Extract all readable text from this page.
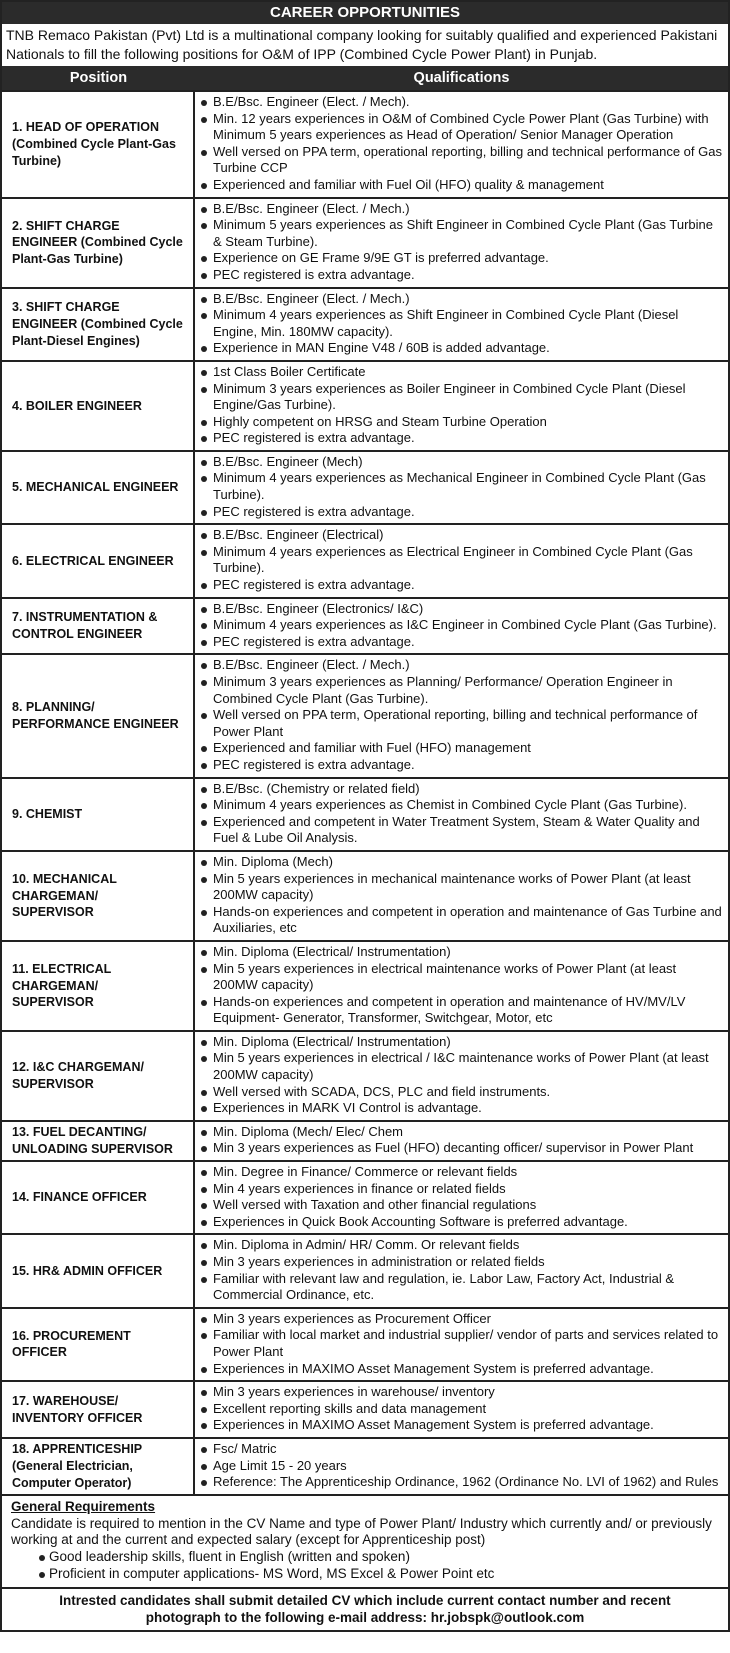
CAREER OPPORTUNITIES
TNB Remaco Pakistan (Pvt) Ltd is a multinational company looking for suitably qualified and experienced Pakistani Nationals to fill the following positions for O&M of IPP (Combined Cycle Power Plant) in Punjab.
Position	Qualifications
1. HEAD OF OPERATION (Combined Cycle Plant-Gas Turbine)
B.E/Bsc. Engineer (Elect. / Mech).
Min. 12 years experiences in O&M of Combined Cycle Power Plant (Gas Turbine) with Minimum 5 years experiences as Head of Operation/ Senior Manager Operation
Well versed on PPA term, operational reporting, billing and technical performance of Gas Turbine CCP
Experienced and familiar with Fuel Oil (HFO) quality & management
2. SHIFT CHARGE ENGINEER (Combined Cycle Plant-Gas Turbine)
B.E/Bsc. Engineer (Elect. / Mech.)
Minimum 5 years experiences as Shift Engineer in Combined Cycle Plant (Gas Turbine & Steam Turbine).
Experience on GE Frame 9/9E GT is preferred advantage.
PEC registered is extra advantage.
3. SHIFT CHARGE ENGINEER (Combined Cycle Plant-Diesel Engines)
B.E/Bsc. Engineer (Elect. / Mech.)
Minimum 4 years experiences as Shift Engineer in Combined Cycle Plant (Diesel Engine, Min. 180MW capacity).
Experience in MAN Engine V48 / 60B is added advantage.
4. BOILER ENGINEER
1st Class Boiler Certificate
Minimum 3 years experiences as Boiler Engineer in Combined Cycle Plant (Diesel Engine/Gas Turbine).
Highly competent on HRSG and Steam Turbine Operation
PEC registered is extra advantage.
5. MECHANICAL ENGINEER
B.E/Bsc. Engineer (Mech)
Minimum 4 years experiences as Mechanical Engineer in Combined Cycle Plant (Gas Turbine).
PEC registered is extra advantage.
6. ELECTRICAL ENGINEER
B.E/Bsc. Engineer (Electrical)
Minimum 4 years experiences as Electrical Engineer in Combined Cycle Plant (Gas Turbine).
PEC registered is extra advantage.
7. INSTRUMENTATION & CONTROL ENGINEER
B.E/Bsc. Engineer (Electronics/ I&C)
Minimum 4 years experiences as I&C Engineer in Combined Cycle Plant (Gas Turbine).
PEC registered is extra advantage.
8. PLANNING/ PERFORMANCE ENGINEER
B.E/Bsc. Engineer (Elect. / Mech.)
Minimum 3 years experiences as Planning/ Performance/ Operation Engineer in Combined Cycle Plant (Gas Turbine).
Well versed on PPA term, Operational reporting, billing and technical performance of Power Plant
Experienced and familiar with Fuel (HFO) management
PEC registered is extra advantage.
9. CHEMIST
B.E/Bsc. (Chemistry or related field)
Minimum 4 years experiences as Chemist in Combined Cycle Plant (Gas Turbine).
Experienced and competent in Water Treatment System, Steam & Water Quality and Fuel & Lube Oil Analysis.
10. MECHANICAL CHARGEMAN/ SUPERVISOR
Min. Diploma (Mech)
Min 5 years experiences in mechanical maintenance works of Power Plant (at least 200MW capacity)
Hands-on experiences and competent in operation and maintenance of Gas Turbine and Auxiliaries, etc
11. ELECTRICAL CHARGEMAN/ SUPERVISOR
Min. Diploma (Electrical/ Instrumentation)
Min 5 years experiences in electrical maintenance works of Power Plant (at least 200MW capacity)
Hands-on experiences and competent in operation and maintenance of HV/MV/LV Equipment- Generator, Transformer, Switchgear, Motor, etc
12. I&C CHARGEMAN/ SUPERVISOR
Min. Diploma (Electrical/ Instrumentation)
Min 5 years experiences in electrical / I&C maintenance works of Power Plant (at least 200MW capacity)
Well versed with SCADA, DCS, PLC and field instruments.
Experiences in MARK VI Control is advantage.
13. FUEL DECANTING/ UNLOADING SUPERVISOR
Min. Diploma (Mech/ Elec/ Chem
Min 3 years experiences as Fuel (HFO) decanting officer/ supervisor in Power Plant
14. FINANCE OFFICER
Min. Degree in Finance/ Commerce or relevant fields
Min 4 years experiences in finance or related fields
Well versed with Taxation and other financial regulations
Experiences in Quick Book Accounting Software is preferred advantage.
15. HR& ADMIN OFFICER
Min. Diploma in Admin/ HR/ Comm. Or relevant fields
Min 3 years experiences in administration or related fields
Familiar with relevant law and regulation, ie. Labor Law, Factory Act, Industrial & Commercial Ordinance, etc.
16. PROCUREMENT OFFICER
Min 3 years experiences as Procurement Officer
Familiar with local market and industrial supplier/ vendor of parts and services related to Power Plant
Experiences in MAXIMO Asset Management System is preferred advantage.
17. WAREHOUSE/ INVENTORY OFFICER
Min 3 years experiences in warehouse/ inventory
Excellent reporting skills and data management
Experiences in MAXIMO Asset Management System is preferred advantage.
18. APPRENTICESHIP (General Electrician, Computer Operator)
Fsc/ Matric
Age Limit 15 - 20 years
Reference: The Apprenticeship Ordinance, 1962 (Ordinance No. LVI of 1962) and Rules
General Requirements
Candidate is required to mention in the CV Name and type of Power Plant/ Industry which currently and/ or previously working at and the current and expected salary (except for Apprenticeship post)
Good leadership skills, fluent in English (written and spoken)
Proficient in computer applications- MS Word, MS Excel & Power Point etc
Intrested candidates shall submit detailed CV which include current contact number and recent photograph to the following e-mail address: hr.jobspk@outlook.com
